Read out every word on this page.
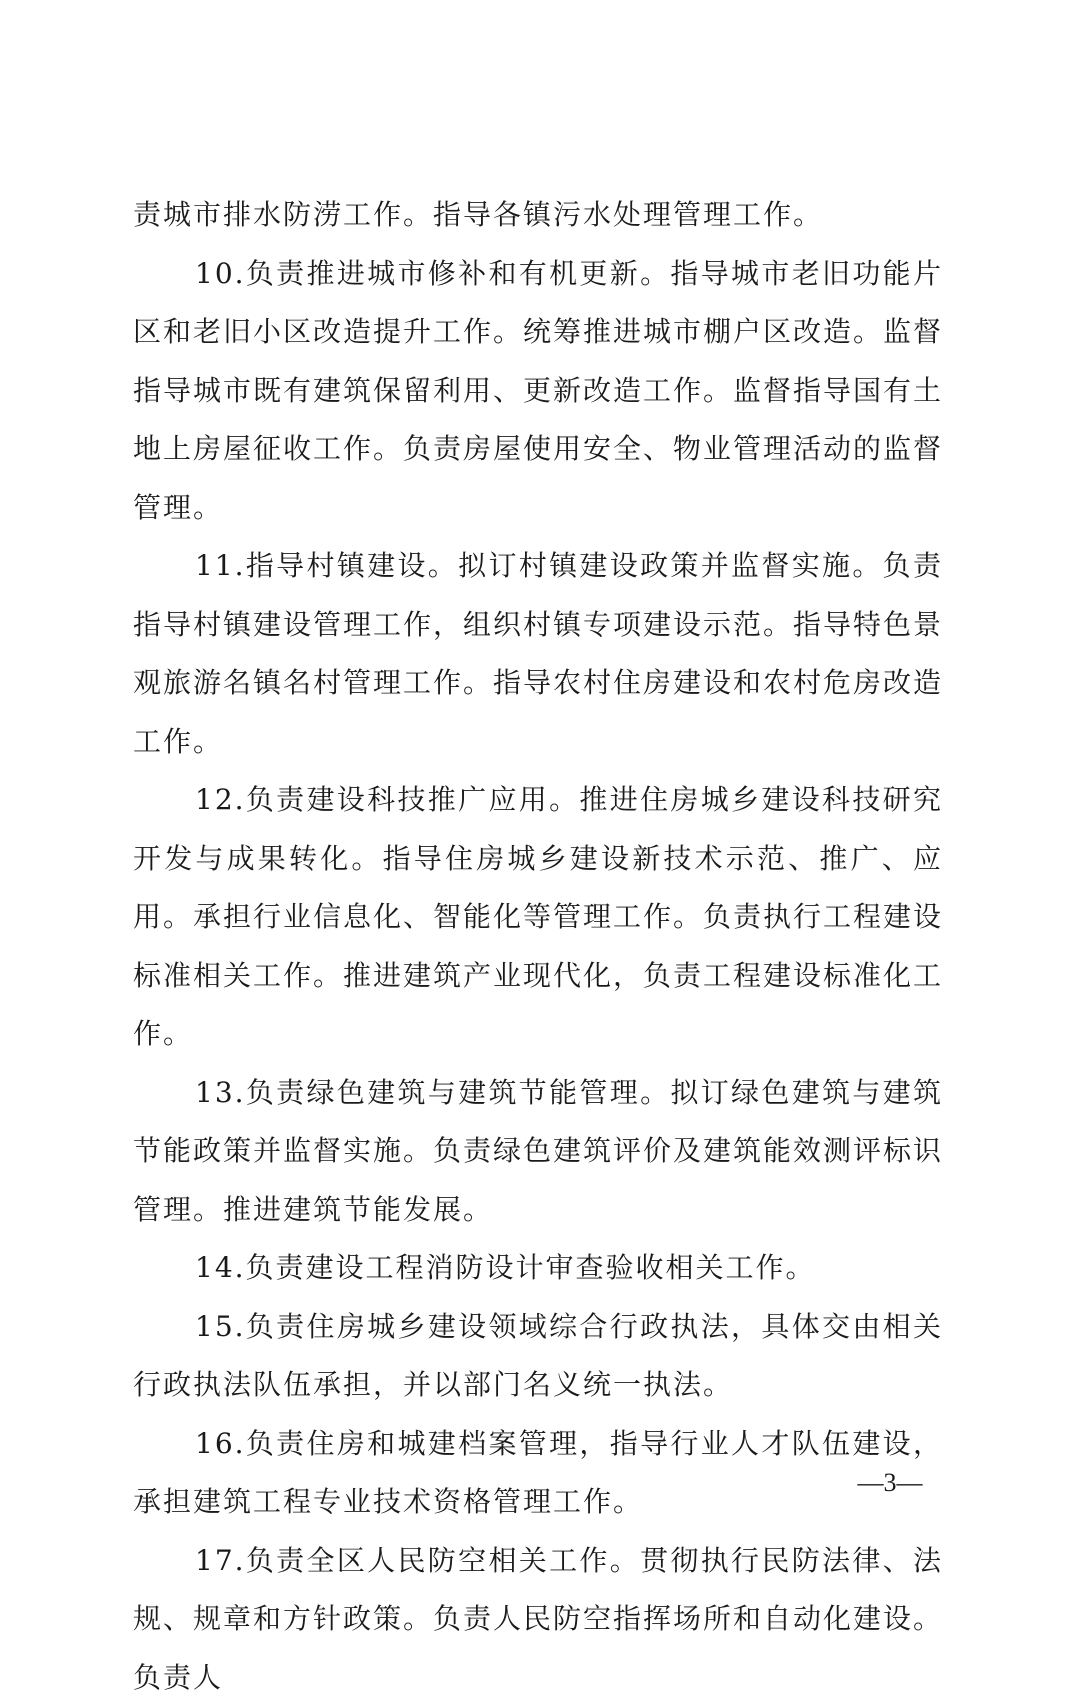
责城市排水防涝工作。指导各镇污水处理管理工作。

10.负责推进城市修补和有机更新。指导城市老旧功能片区和老旧小区改造提升工作。统筹推进城市棚户区改造。监督指导城市既有建筑保留利用、更新改造工作。监督指导国有土地上房屋征收工作。负责房屋使用安全、物业管理活动的监督管理。

11.指导村镇建设。拟订村镇建设政策并监督实施。负责指导村镇建设管理工作，组织村镇专项建设示范。指导特色景观旅游名镇名村管理工作。指导农村住房建设和农村危房改造工作。

12.负责建设科技推广应用。推进住房城乡建设科技研究开发与成果转化。指导住房城乡建设新技术示范、推广、应用。承担行业信息化、智能化等管理工作。负责执行工程建设标准相关工作。推进建筑产业现代化，负责工程建设标准化工作。

13.负责绿色建筑与建筑节能管理。拟订绿色建筑与建筑节能政策并监督实施。负责绿色建筑评价及建筑能效测评标识管理。推进建筑节能发展。

14.负责建设工程消防设计审查验收相关工作。

15.负责住房城乡建设领域综合行政执法，具体交由相关行政执法队伍承担，并以部门名义统一执法。

16.负责住房和城建档案管理，指导行业人才队伍建设，承担建筑工程专业技术资格管理工作。

17.负责全区人民防空相关工作。贯彻执行民防法律、法规、规章和方针政策。负责人民防空指挥场所和自动化建设。负责人

—3—
